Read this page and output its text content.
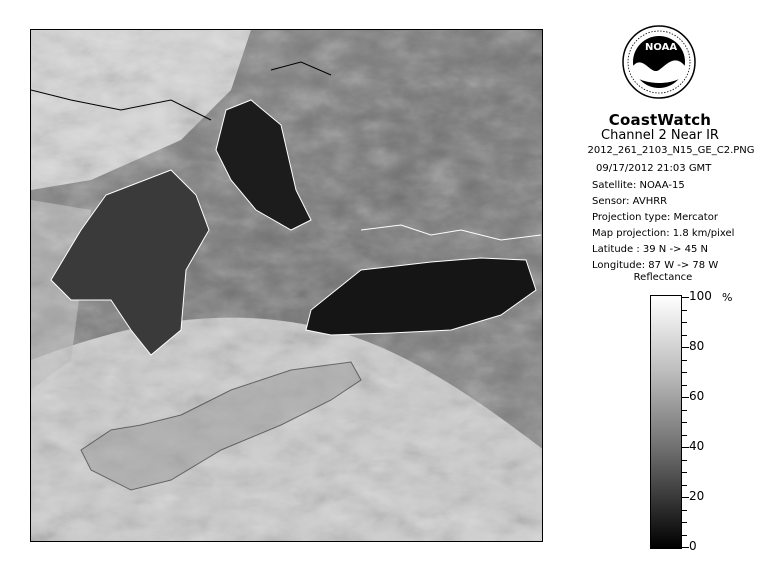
NOAA
CoastWatch
Channel 2 Near IR
2012_261_2103_N15_GE_C2.PNG
09/17/2012 21:03 GMT
Satellite: NOAA-15
Sensor: AVHRR
Projection type: Mercator
Map projection: 1.8 km/pixel
Latitude : 39 N -> 45 N
Longitude: 87 W -> 78 W
Reflectance
100
80
60
40
20
0
%
